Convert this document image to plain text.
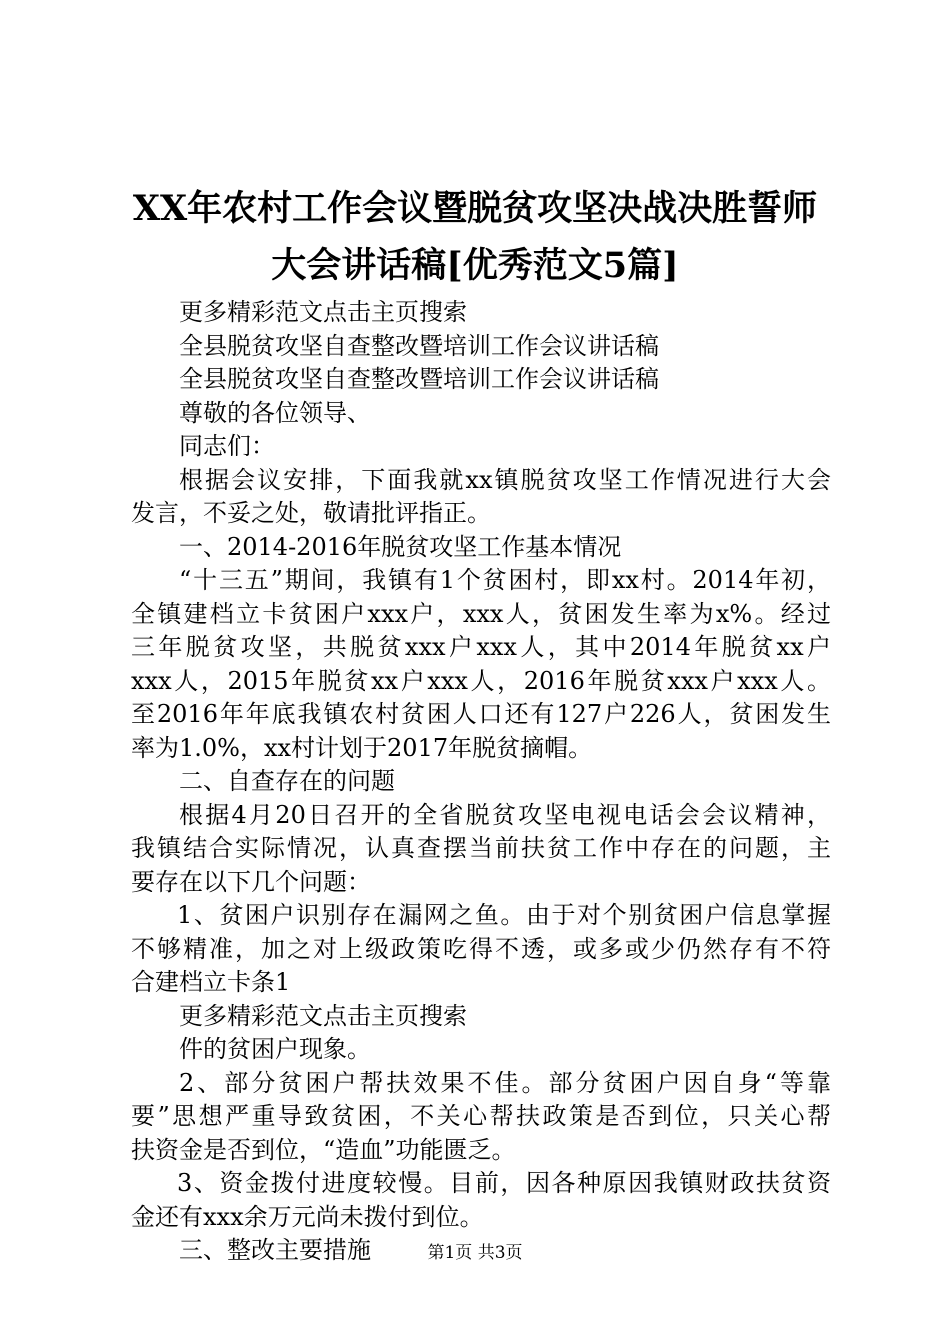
XX年农村工作会议暨脱贫攻坚决战决胜誓师
大会讲话稿[优秀范文5篇]
更多精彩范文点击主页搜索
全县脱贫攻坚自查整改暨培训工作会议讲话稿
全县脱贫攻坚自查整改暨培训工作会议讲话稿
尊敬的各位领导、
同志们：
根据会议安排，下面我就xx镇脱贫攻坚工作情况进行大会
发言，不妥之处，敬请批评指正。
一、2014-2016年脱贫攻坚工作基本情况
“十三五”期间，我镇有1个贫困村，即xx村。2014年初，
全镇建档立卡贫困户xxx户，xxx人，贫困发生率为x%。经过
三年脱贫攻坚，共脱贫xxx户xxx人，其中2014年脱贫xx户
xxx人，2015年脱贫xx户xxx人，2016年脱贫xxx户xxx人。
至2016年年底我镇农村贫困人口还有127户226人，贫困发生
率为1.0%，xx村计划于2017年脱贫摘帽。
二、自查存在的问题
根据4月20日召开的全省脱贫攻坚电视电话会会议精神，
我镇结合实际情况，认真查摆当前扶贫工作中存在的问题，主
要存在以下几个问题：
1、贫困户识别存在漏网之鱼。由于对个别贫困户信息掌握
不够精准，加之对上级政策吃得不透，或多或少仍然存有不符
合建档立卡条1
更多精彩范文点击主页搜索
件的贫困户现象。
2、部分贫困户帮扶效果不佳。部分贫困户因自身“等靠
要”思想严重导致贫困，不关心帮扶政策是否到位，只关心帮
扶资金是否到位，“造血”功能匮乏。
3、资金拨付进度较慢。目前，因各种原因我镇财政扶贫资
金还有xxx余万元尚未拨付到位。
三、整改主要措施	第1页 共3页
